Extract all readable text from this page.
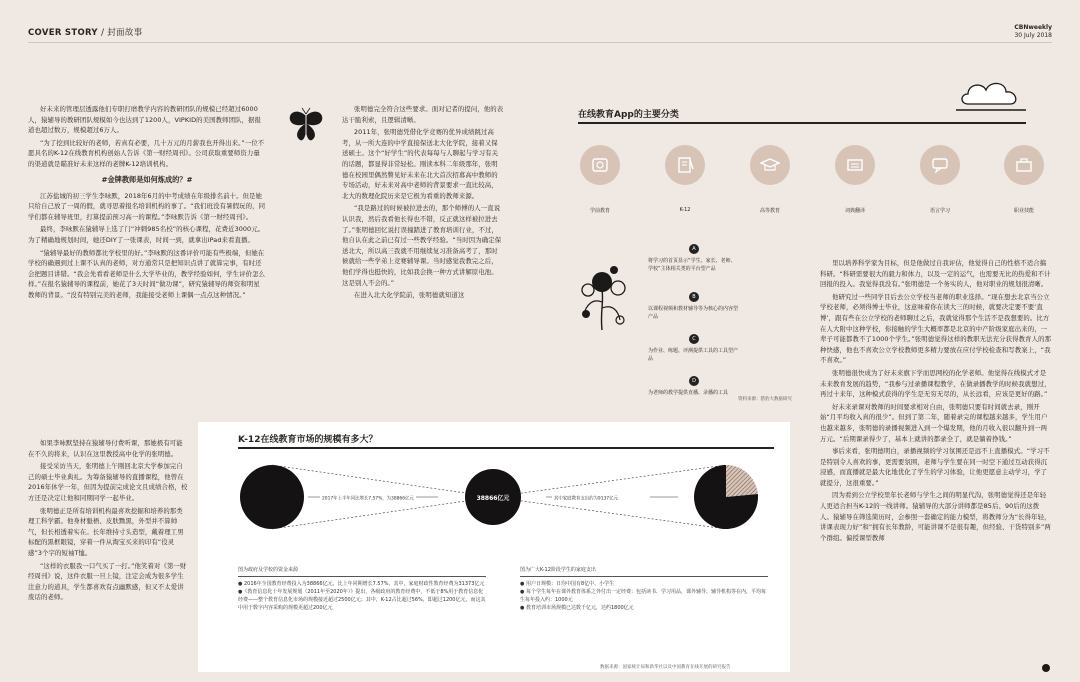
COVER STORY / 封面故事
CBNweekly
30 July 2018

好未来的管理层透露他们专职打磨教学内容的教研团队的规模已经超过6000人，猿辅导的教研团队规模如今也达到了1200人，VIPKID的美国教师团队，据报道也超过数万，规模超过6万人。

“为了挖到比较好的老师，若真有必要，几十万元的月薪我也开得出来。”一位不愿具名的K-12在线教育机构创始人告诉《第一财经周刊》。公司获取重要师资力量的渠道就是瞄准好未来这样的老牌K-12培训机构。

#金牌教师是如何炼成的？#

江苏盐城的初三学生李咏默，2018年6月的中考成绩在年级排名前十。但是她只给自己放了一周的假，就寻思着报名培训机构的事了。“我们班没有暑假玩的，同学们都在辅导班里，打算提前预习高一的课程。”李咏默告诉《第一财经周刊》。

最终，李咏默在猿辅导上选了门“冲刺985名校”的核心课程，花费近3000元。为了精确地规划时间，她还DIY了一张课表，时间一到，就拿出iPad来看直播。

“猿辅导最好的教师都比学校里的好。”李咏默的这番评价可能有些极端，但她在学校的确遇到过上课不认真的老师，对方通常只是把知识点讲了就算完事，有时还会把题目讲错。“我会先看看老师是什么大学毕业的，教学经验如何，学生评价怎么样。”在报名猿辅导的课程前，她花了3天时间“做功课”，研究猿辅导的师资和明星教师的背景。“没有特别完美的老师，我能接受老师上课偶一点点这种情况。”

如果李咏默坚持在猿辅导付费听课，那她极有可能在不久的将来，认识在这里教授高中化学的张明德。

接受采访当天，张明德上午刚回北京大学参加完自己的硕士毕业典礼。为筹备猿辅导的直播课程，他曾在2016年休学一年，但因为提前完成论文且成绩合格，校方还是决定让他和同期同学一起毕业。

张明德正是所有培训机构最喜欢挖掘和培养的那类理工科学霸。他身材魁梧、皮肤黝黑，外型并不算帅气，但长相透着实在。长年维持寸头造型，戴着理工男标配的黑框眼镜，穿着一件从淘宝买来的印有“役灵感”3个字的短袖T恤。

“这样的衣服我一口气买了一打。”他笑着对《第一财经周刊》说，这件衣服一旦上镜，注定会成为很多学生注意力的道具，学生都喜欢有点幽默感，但又不太爱讲废话的老师。

张明德完全符合这些要求。面对记者的提问，他的表达干脆利索，且逻辑清晰。

2011年，张明德凭借化学竞赛的优异成绩跳过高考，从一所大连的中学直接保送北大化学院，接着又保送硕士。这个“好学生”的代表每每与人聊起与学习有关的话题，都显得非常轻松。刚读本科二年级那年，张明德在校园里偶然瞥见好未来在北大首次招募高中教师的专场活动，好未来对高中老师的背景要求一直比较高，北大的数理化院历来是它极为看重的教师来源。

“我是路过的时候被拉进去的，那个师傅的人一直说认识我，然后我看他长得也不错，反正就这样被拉进去了。”张明德回忆说打误撞踏进了教育培训行业，不过，他自认在此之前已有过一些教学经验。“当时因为确定保送北大，所以高三我就不用继续复习准备高考了，那时候就给一些学弟上竞赛辅导课。当时感觉我教完之后，他们学得也挺快的，比如我会换一种方式讲解原电池。这是别人不会的。”

在进入北大化学院前，张明德就知道这

在线教育App的主要分类
学前教育	K-12	高等教育	词典翻译	语言学习	职业技能
A
将学习的首页显示“学生、家长、老师、学校”主体相关类的平台型产品
B
以课程视频和教材辅导等为核心的内容型产品
C
为作业、练题、评测提供工具的工具型产品
D
为老师的教学提供直播、录播的工具
资料来源：猎豹大数据研究

里以培养科学家为目标，但是他做过自我评估，他觉得自己的性格不适合搞科研。“科研需要很大的毅力和体力，以及一定的运气，也需要无比的热爱和不计回报的投入。我觉得我没有。”张明德是一个务实的人，他对职业的规划很清晰。

他研究过一些同学目后去公立学校当老师的职业选择。“现在想去北京当公立学校老师，必须得博士毕业，这意味着你在读大三的时候，就要决定要不要‘直博’，跟有些在公立学校的老师聊过之后，我就觉得那个生活不是我想要的。比方在人大附中这种学校，你接触的学生大概率都是北京的中产阶级家庭出来的，一辈子可能都教不了1000个学生。”张明德觉得这样的教职无法充分获得教育人的那种快感，他也不喜欢公立学校教师更多精力要放在应付学校检查和写教案上，“我不喜欢。”

张明德很快成为了好未来旗下学而思网校的化学老师。他觉得在线模式才是未来教育发展的趋势，“我参与过录播课程教学，在做录播教学的时候我就想过，再过十来年，这种模式获得的学生是无穷无尽的，从长远看，应该是更好的路。”

好未来录课对教师的时间要求相对自由，张明德只要有时间就去录，刚开始“月平均收入真的很少”。但到了第二年，随着录完的课程越来越多，学生用户也越来越多，张明德的录播视频进入到一个爆发期，他的月收入很以翻升到一两万元。“后期课录得少了，基本上就讲的都录全了，就是躺着挣钱。”

事后来看，张明德明白，录播视频的学习氛围还是远不上直播模式。“学习不是特别令人喜欢的事，更需要氛围，老师与学生要在同一时空下通过互动获得沉浸感，而直播就是最大化地优化了学生的学习体验，让他更愿意主动学习，学了就提分，这很重要。”

因为看到公立学校里年长老师与学生之间的明显代沟，张明德觉得还是年轻人更适合担当K-12的一线讲师。猿辅导的大部分讲师都是85后、90后的这拨人。猿辅导在筛选简历时，会参照一套确定的能力模型，将教师分为“长得年轻，讲课表现力好”和“拥有长年教龄，可能讲课不是很有趣，但经验、干货特别多”两个群组。偏授课型教师

K-12在线教育市场的规模有多大？
38866亿元
2017年上半年同比增长7.57%，为38866亿元	其中家庭教育支出约为9137亿元
图为政府及学校的资金来源	图为广大K-12阶段学生的家庭支出
● 2016年全国教育经费投入为38866亿元，比上年同期增长7.57%，其中，家庭财政性教育经费为31373亿元
●《教育信息化十年发展规划（2011年至2020年）》提出，各级政府的教育经费中，不低于8%用于教育信息化经费——整个教育信息化市场的规模接近超过2500亿元；其中，K-12占比超过56%，即超过1200亿元，而这其中用于数字内容采购的规模更超过200亿元
● 用户日规模：日均中国有8亿中、小学生
● 每个学生每年在课外教育体系之外付出一定经费：包括读书、学习用品，课外辅导、辅导机构等在内，平均每生每年投入约：1000元
● 教育培训市场规模已达数千亿元，达约1800亿元
数据来源：国家统计局和新华社以及中国教育在线开展的研究报告
